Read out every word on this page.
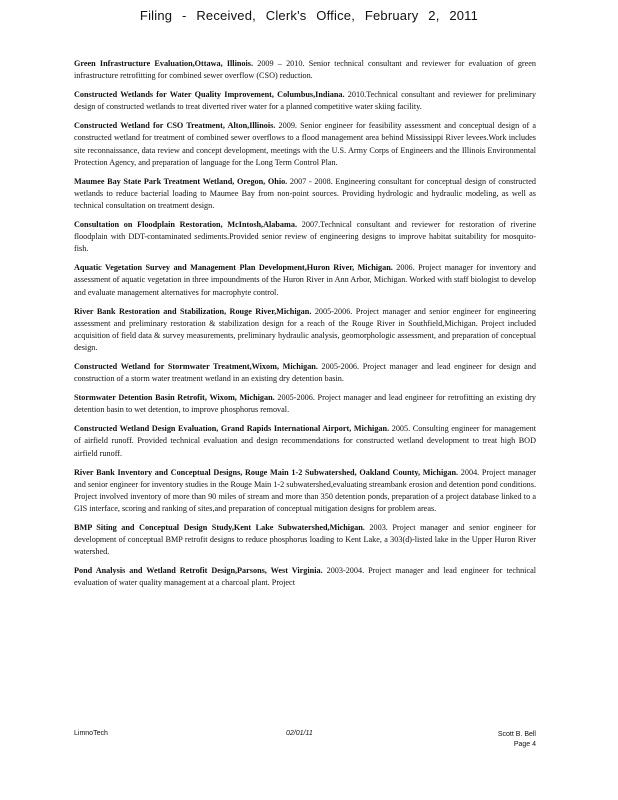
Filing - Received, Clerk's Office, February 2, 2011

Green Infrastructure Evaluation,Ottawa, Illinois. 2009 – 2010. Senior technical consultant and reviewer for evaluation of green infrastructure retrofitting for combined sewer overflow (CSO) reduction.

Constructed Wetlands for Water Quality Improvement, Columbus,Indiana. 2010.Technical consultant and reviewer for preliminary design of constructed wetlands to treat diverted river water for a planned competitive water skiing facility.

Constructed Wetland for CSO Treatment, Alton,Illinois. 2009. Senior engineer for feasibility assessment and conceptual design of a constructed wetland for treatment of combined sewer overflows to a flood management area behind Mississippi River levees.Work includes site reconnaissance, data review and concept development, meetings with the U.S. Army Corps of Engineers and the Illinois Environmental Protection Agency, and preparation of language for the Long Term Control Plan.

Maumee Bay State Park Treatment Wetland, Oregon, Ohio. 2007 - 2008. Engineering consultant for conceptual design of constructed wetlands to reduce bacterial loading to Maumee Bay from non-point sources. Providing hydrologic and hydraulic modeling, as well as technical consultation on treatment design.

Consultation on Floodplain Restoration, McIntosh,Alabama. 2007.Technical consultant and reviewer for restoration of riverine floodplain with DDT-contaminated sediments.Provided senior review of engineering designs to improve habitat suitability for mosquito-fish.

Aquatic Vegetation Survey and Management Plan Development,Huron River, Michigan. 2006. Project manager for inventory and assessment of aquatic vegetation in three impoundments of the Huron River in Ann Arbor, Michigan. Worked with staff biologist to develop and evaluate management alternatives for macrophyte control.

River Bank Restoration and Stabilization, Rouge River,Michigan. 2005-2006. Project manager and senior engineer for engineering assessment and preliminary restoration & stabilization design for a reach of the Rouge River in Southfield,Michigan. Project included acquisition of field data & survey measurements, preliminary hydraulic analysis, geomorphologic assessment, and preparation of conceptual design.

Constructed Wetland for Stormwater Treatment,Wixom, Michigan. 2005-2006. Project manager and lead engineer for design and construction of a storm water treatment wetland in an existing dry detention basin.

Stormwater Detention Basin Retrofit, Wixom, Michigan. 2005-2006. Project manager and lead engineer for retrofitting an existing dry detention basin to wet detention, to improve phosphorus removal.

Constructed Wetland Design Evaluation, Grand Rapids International Airport, Michigan. 2005. Consulting engineer for management of airfield runoff. Provided technical evaluation and design recommendations for constructed wetland development to treat high BOD airfield runoff.

River Bank Inventory and Conceptual Designs, Rouge Main 1-2 Subwatershed, Oakland County, Michigan. 2004. Project manager and senior engineer for inventory studies in the Rouge Main 1-2 subwatershed,evaluating streambank erosion and detention pond conditions. Project involved inventory of more than 90 miles of stream and more than 350 detention ponds, preparation of a project database linked to a GIS interface, scoring and ranking of sites,and preparation of conceptual mitigation designs for problem areas.

BMP Siting and Conceptual Design Study,Kent Lake Subwatershed,Michigan. 2003. Project manager and senior engineer for development of conceptual BMP retrofit designs to reduce phosphorus loading to Kent Lake, a 303(d)-listed lake in the Upper Huron River watershed.

Pond Analysis and Wetland Retrofit Design,Parsons, West Virginia. 2003-2004. Project manager and lead engineer for technical evaluation of water quality management at a charcoal plant. Project

LimnoTech	02/01/11	Scott B. Bell
Page 4
